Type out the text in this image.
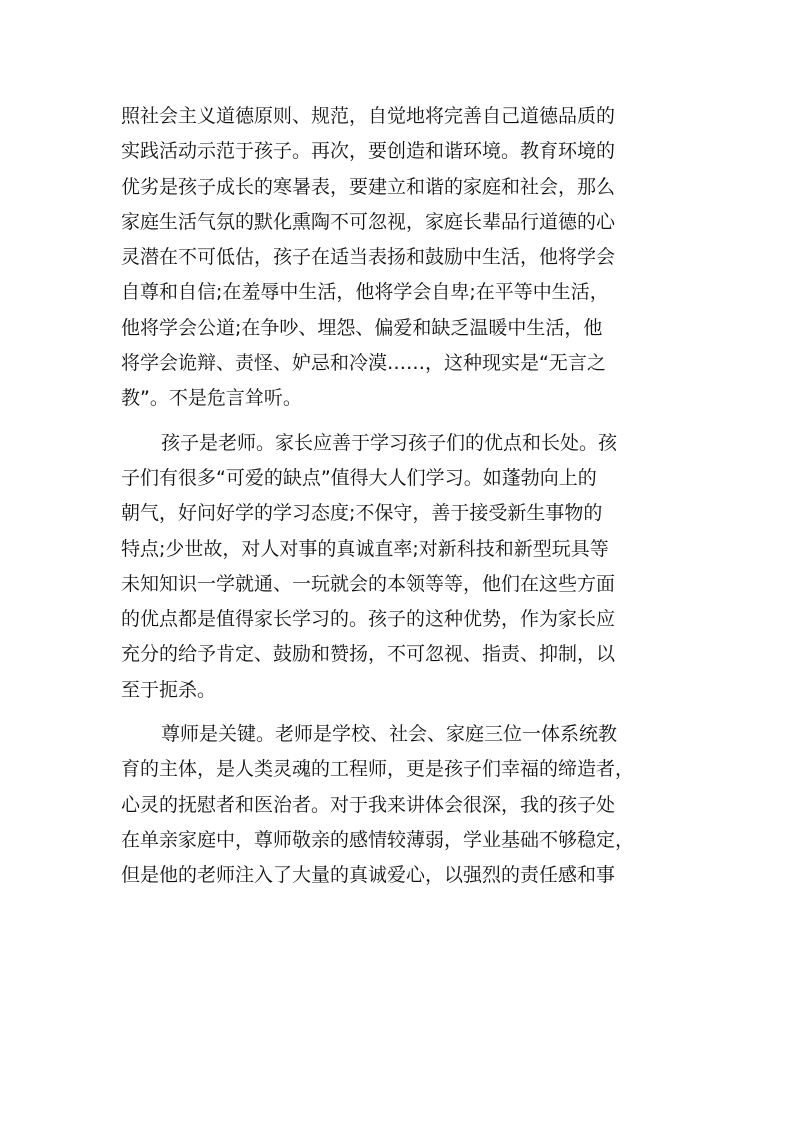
照社会主义道德原则、规范，自觉地将完善自己道德品质的
实践活动示范于孩子。再次，要创造和谐环境。教育环境的
优劣是孩子成长的寒暑表，要建立和谐的家庭和社会，那么
家庭生活气氛的默化熏陶不可忽视，家庭长辈品行道德的心
灵潜在不可低估，孩子在适当表扬和鼓励中生活，他将学会
自尊和自信;在羞辱中生活，他将学会自卑;在平等中生活，
他将学会公道;在争吵、埋怨、偏爱和缺乏温暖中生活，他
将学会诡辩、责怪、妒忌和冷漠……，这种现实是“无言之
教”。不是危言耸听。
孩子是老师。家长应善于学习孩子们的优点和长处。孩
子们有很多“可爱的缺点”值得大人们学习。如蓬勃向上的
朝气，好问好学的学习态度;不保守，善于接受新生事物的
特点;少世故，对人对事的真诚直率;对新科技和新型玩具等
未知知识一学就通、一玩就会的本领等等，他们在这些方面
的优点都是值得家长学习的。孩子的这种优势，作为家长应
充分的给予肯定、鼓励和赞扬，不可忽视、指责、抑制，以
至于扼杀。
尊师是关键。老师是学校、社会、家庭三位一体系统教
育的主体，是人类灵魂的工程师，更是孩子们幸福的缔造者，
心灵的抚慰者和医治者。对于我来讲体会很深，我的孩子处
在单亲家庭中，尊师敬亲的感情较薄弱，学业基础不够稳定，
但是他的老师注入了大量的真诚爱心，以强烈的责任感和事
